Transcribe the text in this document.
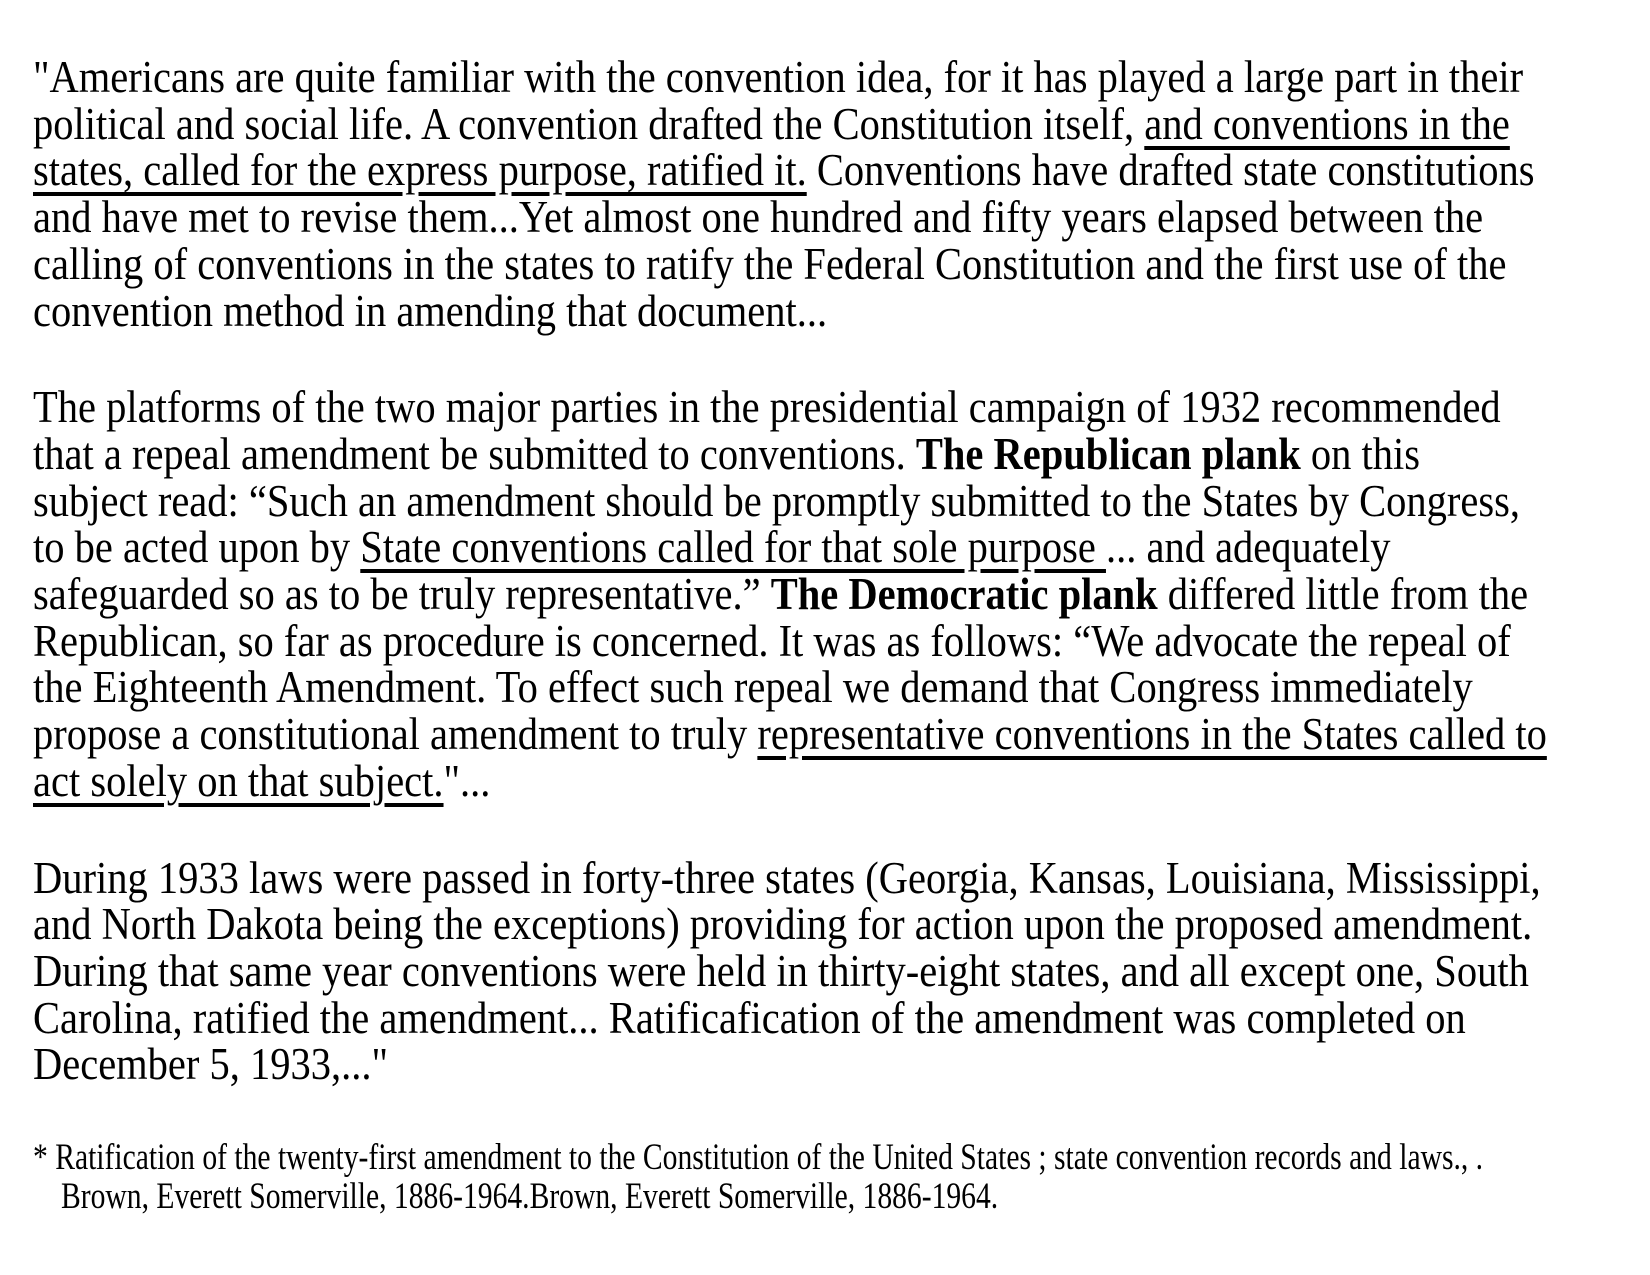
"Americans are quite familiar with the convention idea, for it has played a large part in their
political and social life. A convention drafted the Constitution itself, and conventions in the
states, called for the express purpose, ratified it. Conventions have drafted state constitutions
and have met to revise them...Yet almost one hundred and fifty years elapsed between the
calling of conventions in the states to ratify the Federal Constitution and the first use of the
convention method in amending that document...
The platforms of the two major parties in the presidential campaign of 1932 recommended
that a repeal amendment be submitted to conventions. The Republican plank on this
subject read: “Such an amendment should be promptly submitted to the States by Congress,
to be acted upon by State conventions called for that sole purpose ... and adequately
safeguarded so as to be truly representative.” The Democratic plank differed little from the
Republican, so far as procedure is concerned. It was as follows: “We advocate the repeal of
the Eighteenth Amendment. To effect such repeal we demand that Congress immediately
propose a constitutional amendment to truly representative conventions in the States called to
act solely on that subject."...
During 1933 laws were passed in forty-three states (Georgia, Kansas, Louisiana, Mississippi,
and North Dakota being the exceptions) providing for action upon the proposed amendment.
During that same year conventions were held in thirty-eight states, and all except one, South
Carolina, ratified the amendment... Ratificafication of the amendment was completed on
December 5, 1933,..."
* Ratification of the twenty-first amendment to the Constitution of the United States ; state convention records and laws., .
Brown, Everett Somerville, 1886-1964.Brown, Everett Somerville, 1886-1964.
